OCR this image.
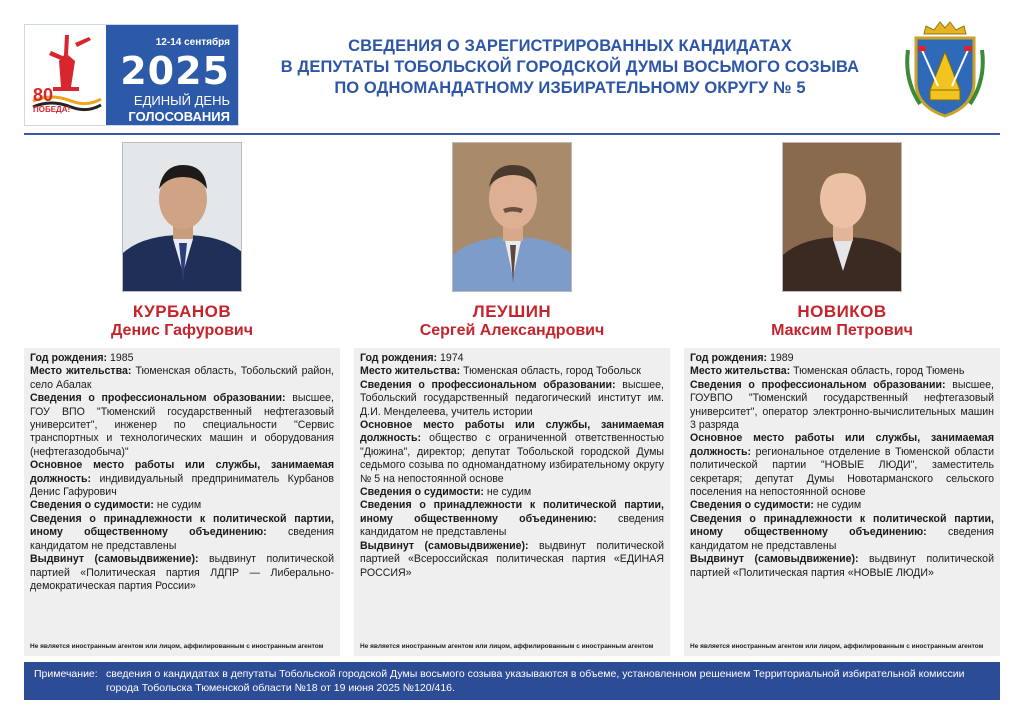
80
ПОБЕДА!
12-14 сентября
2025
ЕДИНЫЙ ДЕНЬ
ГОЛОСОВАНИЯ
СВЕДЕНИЯ О ЗАРЕГИСТРИРОВАННЫХ КАНДИДАТАХ
В ДЕПУТАТЫ ТОБОЛЬСКОЙ ГОРОДСКОЙ ДУМЫ ВОСЬМОГО СОЗЫВА
ПО ОДНОМАНДАТНОМУ ИЗБИРАТЕЛЬНОМУ ОКРУГУ № 5
КУРБАНОВ
Денис Гафурович

Год рождения: 1985

Место жительства: Тюменская область, Тобольский район, село Абалак

Сведения о профессиональном образовании: высшее, ГОУ ВПО "Тюменский государственный нефтегазовый университет", инженер по специальности "Сервис транспортных и технологических машин и оборудования (нефтегазодобыча)"

Основное место работы или службы, занимаемая должность: индивидуальный предприниматель Курбанов Денис Гафурович

Сведения о судимости: не судим

Сведения о принадлежности к политической партии, иному общественному объединению: сведения кандидатом не представлены

Выдвинут (самовыдвижение): выдвинут политической партией «Политическая партия ЛДПР — Либерально-демократическая партия России»

Не является иностранным агентом или лицом, аффилированным с иностранным агентом
ЛЕУШИН
Сергей Александрович

Год рождения: 1974

Место жительства: Тюменская область, город Тобольск

Сведения о профессиональном образовании: высшее, Тобольский государственный педагогический институт им. Д.И. Менделеева, учитель истории

Основное место работы или службы, занимаемая должность: общество с ограниченной ответственностью "Дюжина", директор; депутат Тобольской городской Думы седьмого созыва по одномандатному избирательному округу № 5 на непостоянной основе

Сведения о судимости: не судим

Сведения о принадлежности к политической партии, иному общественному объединению: сведения кандидатом не представлены

Выдвинут (самовыдвижение): выдвинут политической партией «Всероссийская политическая партия «ЕДИНАЯ РОССИЯ»

Не является иностранным агентом или лицом, аффилированным с иностранным агентом
НОВИКОВ
Максим Петрович

Год рождения: 1989

Место жительства: Тюменская область, город Тюмень

Сведения о профессиональном образовании: высшее, ГОУВПО "Тюменский государственный нефтегазовый университет", оператор электронно-вычислительных машин 3 разряда

Основное место работы или службы, занимаемая должность: региональное отделение в Тюменской области политической партии "НОВЫЕ ЛЮДИ", заместитель секретаря; депутат Думы Новотарманского сельского поселения на непостоянной основе

Сведения о судимости: не судим

Сведения о принадлежности к политической партии, иному общественному объединению: сведения кандидатом не представлены

Выдвинут (самовыдвижение): выдвинут политической партией «Политическая партия «НОВЫЕ ЛЮДИ»

Не является иностранным агентом или лицом, аффилированным с иностранным агентом
Примечание: сведения о кандидатах в депутаты Тобольской городской Думы восьмого созыва указываются в объеме, установленном решением Территориальной избирательной комиссии города Тобольска Тюменской области №18 от 19 июня 2025 №120/416.
